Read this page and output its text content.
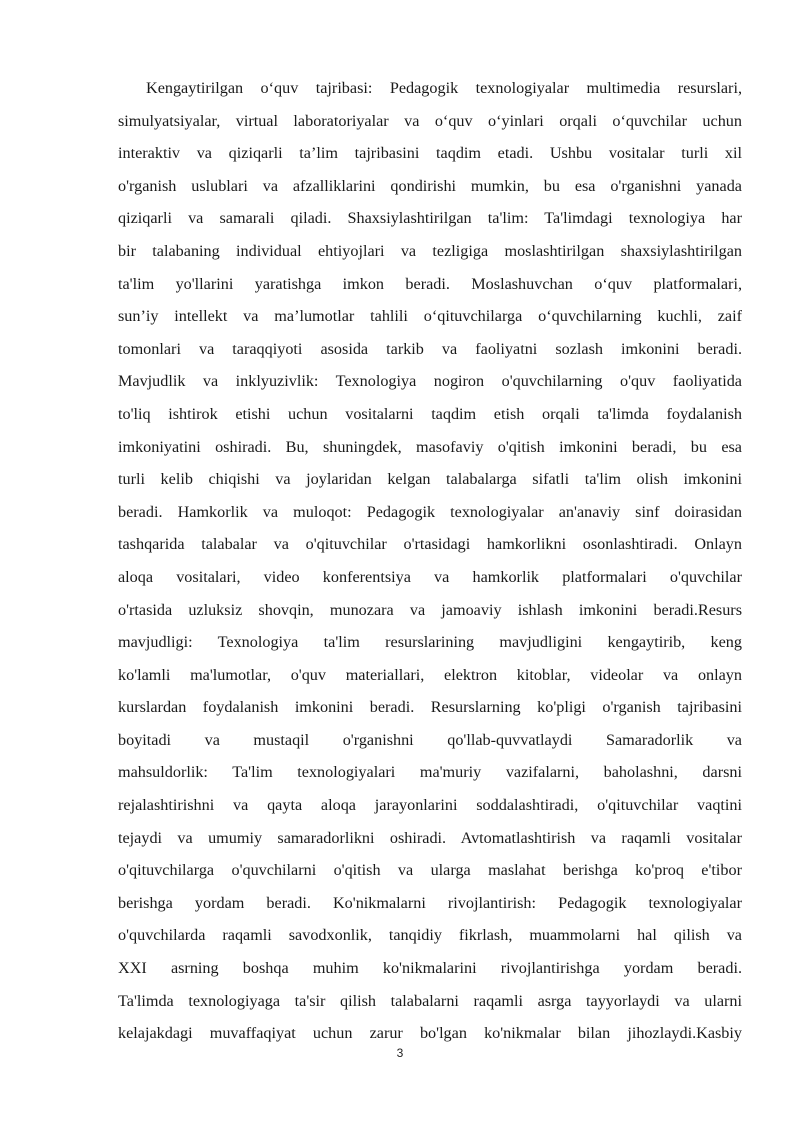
Kengaytirilgan oʻquv tajribasi: Pedagogik texnologiyalar multimedia resurslari,
simulyatsiyalar, virtual laboratoriyalar va oʻquv oʻyinlari orqali oʻquvchilar uchun
interaktiv va qiziqarli ta’lim tajribasini taqdim etadi. Ushbu vositalar turli xil
o'rganish uslublari va afzalliklarini qondirishi mumkin, bu esa o'rganishni yanada
qiziqarli va samarali qiladi. Shaxsiylashtirilgan ta'lim: Ta'limdagi texnologiya har
bir talabaning individual ehtiyojlari va tezligiga moslashtirilgan shaxsiylashtirilgan
ta'lim yo'llarini yaratishga imkon beradi. Moslashuvchan oʻquv platformalari,
sun’iy intellekt va ma’lumotlar tahlili oʻqituvchilarga oʻquvchilarning kuchli, zaif
tomonlari va taraqqiyoti asosida tarkib va faoliyatni sozlash imkonini beradi.
Mavjudlik va inklyuzivlik: Texnologiya nogiron o'quvchilarning o'quv faoliyatida
to'liq ishtirok etishi uchun vositalarni taqdim etish orqali ta'limda foydalanish
imkoniyatini oshiradi. Bu, shuningdek, masofaviy o'qitish imkonini beradi, bu esa
turli kelib chiqishi va joylaridan kelgan talabalarga sifatli ta'lim olish imkonini
beradi. Hamkorlik va muloqot: Pedagogik texnologiyalar an'anaviy sinf doirasidan
tashqarida talabalar va o'qituvchilar o'rtasidagi hamkorlikni osonlashtiradi. Onlayn
aloqa vositalari, video konferentsiya va hamkorlik platformalari o'quvchilar
o'rtasida uzluksiz shovqin, munozara va jamoaviy ishlash imkonini beradi.Resurs
mavjudligi: Texnologiya ta'lim resurslarining mavjudligini kengaytirib, keng
ko'lamli ma'lumotlar, o'quv materiallari, elektron kitoblar, videolar va onlayn
kurslardan foydalanish imkonini beradi. Resurslarning ko'pligi o'rganish tajribasini
boyitadi va mustaqil o'rganishni qo'llab-quvvatlaydi Samaradorlik va
mahsuldorlik: Ta'lim texnologiyalari ma'muriy vazifalarni, baholashni, darsni
rejalashtirishni va qayta aloqa jarayonlarini soddalashtiradi, o'qituvchilar vaqtini
tejaydi va umumiy samaradorlikni oshiradi. Avtomatlashtirish va raqamli vositalar
o'qituvchilarga o'quvchilarni o'qitish va ularga maslahat berishga ko'proq e'tibor
berishga yordam beradi. Ko'nikmalarni rivojlantirish: Pedagogik texnologiyalar
o'quvchilarda raqamli savodxonlik, tanqidiy fikrlash, muammolarni hal qilish va
XXI asrning boshqa muhim ko'nikmalarini rivojlantirishga yordam beradi.
Ta'limda texnologiyaga ta'sir qilish talabalarni raqamli asrga tayyorlaydi va ularni
kelajakdagi muvaffaqiyat uchun zarur bo'lgan ko'nikmalar bilan jihozlaydi.Kasbiy
3
